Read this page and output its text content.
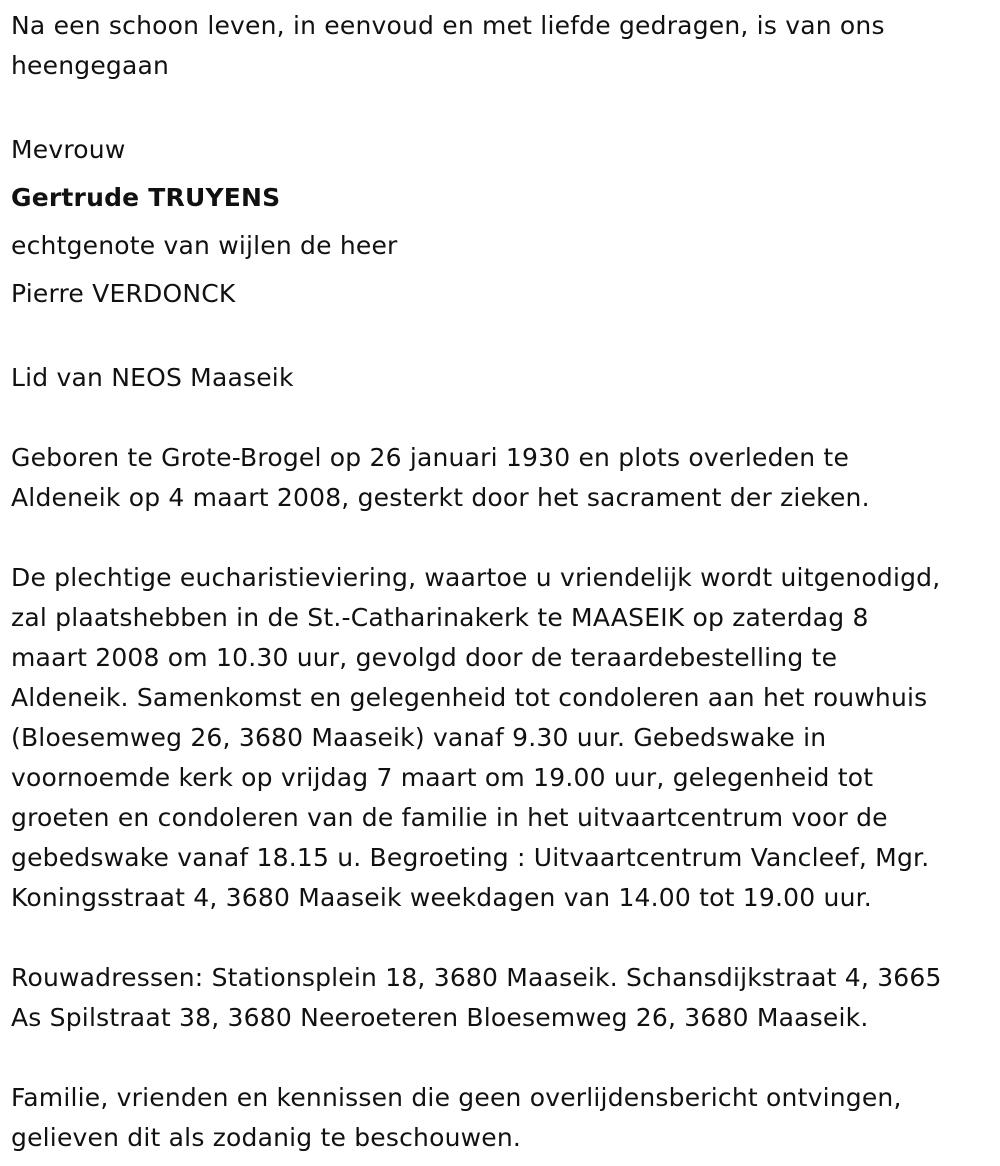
Na een schoon leven, in eenvoud en met liefde gedragen, is van ons
heengegaan
Mevrouw
Gertrude TRUYENS
echtgenote van wijlen de heer
Pierre VERDONCK
Lid van NEOS Maaseik
Geboren te Grote-Brogel op 26 januari 1930 en plots overleden te
Aldeneik op 4 maart 2008, gesterkt door het sacrament der zieken.
De plechtige eucharistieviering, waartoe u vriendelijk wordt uitgenodigd,
zal plaatshebben in de St.-Catharinakerk te MAASEIK op zaterdag 8
maart 2008 om 10.30 uur, gevolgd door de teraardebestelling te
Aldeneik. Samenkomst en gelegenheid tot condoleren aan het rouwhuis
(Bloesemweg 26, 3680 Maaseik) vanaf 9.30 uur. Gebedswake in
voornoemde kerk op vrijdag 7 maart om 19.00 uur, gelegenheid tot
groeten en condoleren van de familie in het uitvaartcentrum voor de
gebedswake vanaf 18.15 u. Begroeting : Uitvaartcentrum Vancleef, Mgr.
Koningsstraat 4, 3680 Maaseik weekdagen van 14.00 tot 19.00 uur.
Rouwadressen: Stationsplein 18, 3680 Maaseik. Schansdijkstraat 4, 3665
As Spilstraat 38, 3680 Neeroeteren Bloesemweg 26, 3680 Maaseik.
Familie, vrienden en kennissen die geen overlijdensbericht ontvingen,
gelieven dit als zodanig te beschouwen.
